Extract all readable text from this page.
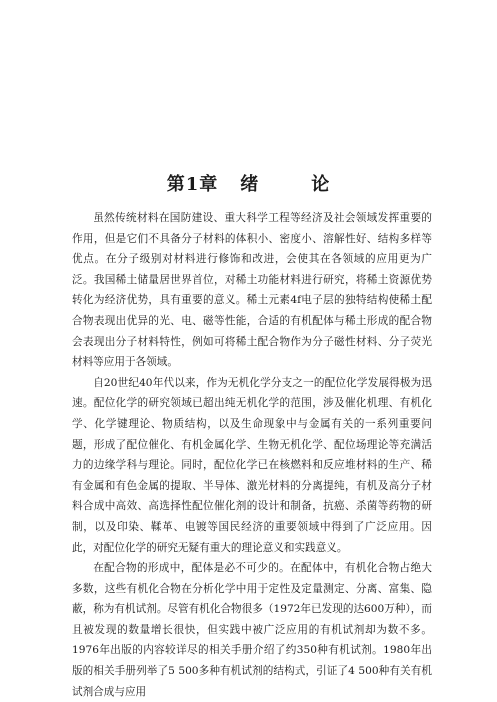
第1章 绪	论

虽然传统材料在国防建设、重大科学工程等经济及社会领域发挥重要的作用，但是它们不具备分子材料的体积小、密度小、溶解性好、结构多样等优点。在分子级别对材料进行修饰和改进，会使其在各领域的应用更为广泛。我国稀土储量居世界首位，对稀土功能材料进行研究，将稀土资源优势转化为经济优势，具有重要的意义。稀土元素4f电子层的独特结构使稀土配合物表现出优异的光、电、磁等性能，合适的有机配体与稀土形成的配合物会表现出分子材料特性，例如可将稀土配合物作为分子磁性材料、分子荧光材料等应用于各领域。

自20世纪40年代以来，作为无机化学分支之一的配位化学发展得极为迅速。配位化学的研究领域已超出纯无机化学的范围，涉及催化机理、有机化学、化学键理论、物质结构，以及生命现象中与金属有关的一系列重要问题，形成了配位催化、有机金属化学、生物无机化学、配位场理论等充满活力的边缘学科与理论。同时，配位化学已在核燃料和反应堆材料的生产、稀有金属和有色金属的提取、半导体、激光材料的分离提纯，有机及高分子材料合成中高效、高选择性配位催化剂的设计和制备，抗癌、杀菌等药物的研制，以及印染、鞣革、电镀等国民经济的重要领域中得到了广泛应用。因此，对配位化学的研究无疑有重大的理论意义和实践意义。

在配合物的形成中，配体是必不可少的。在配体中，有机化合物占绝大多数，这些有机化合物在分析化学中用于定性及定量测定、分离、富集、隐蔽，称为有机试剂。尽管有机化合物很多（1972年已发现的达600万种），而且被发现的数量增长很快，但实践中被广泛应用的有机试剂却为数不多。1976年出版的内容较详尽的相关手册介绍了约350种有机试剂。1980年出版的相关手册列举了5 500多种有机试剂的结构式，引证了4 500种有关有机试剂合成与应用
